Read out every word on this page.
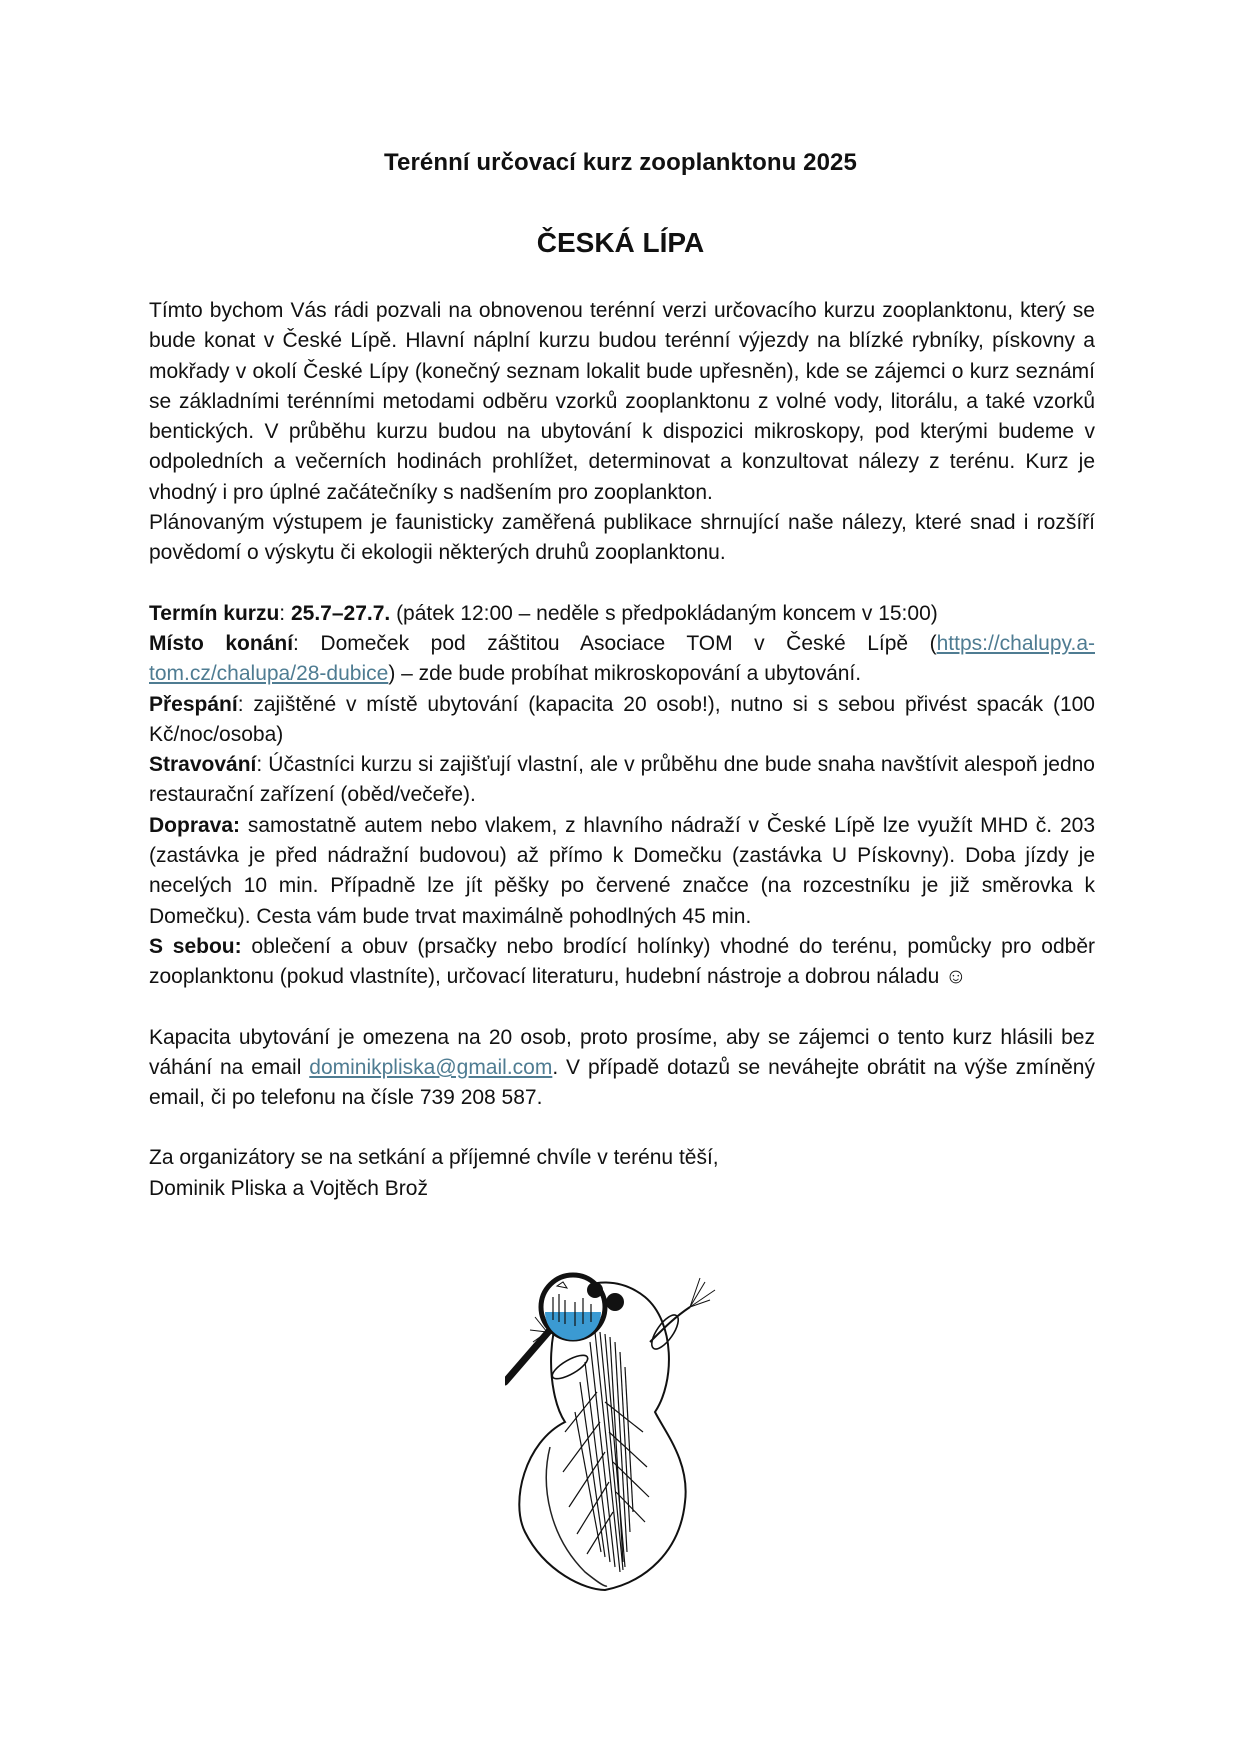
Terénní určovací kurz zooplanktonu 2025
ČESKÁ LÍPA

Tímto bychom Vás rádi pozvali na obnovenou terénní verzi určovacího kurzu zooplanktonu, který se bude konat v České Lípě. Hlavní náplní kurzu budou terénní výjezdy na blízké rybníky, pískovny a mokřady v okolí České Lípy (konečný seznam lokalit bude upřesněn), kde se zájemci o kurz seznámí se základními terénními metodami odběru vzorků zooplanktonu z volné vody, litorálu, a také vzorků bentických. V průběhu kurzu budou na ubytování k dispozici mikroskopy, pod kterými budeme v odpoledních a večerních hodinách prohlížet, determinovat a konzultovat nálezy z terénu. Kurz je vhodný i pro úplné začátečníky s nadšením pro zooplankton.

Plánovaným výstupem je faunisticky zaměřená publikace shrnující naše nálezy, které snad i rozšíří povědomí o výskytu či ekologii některých druhů zooplanktonu.

Termín kurzu: 25.7–27.7. (pátek 12:00 – neděle s předpokládaným koncem v 15:00)

Místo konání: Domeček pod záštitou Asociace TOM v České Lípě (https://chalupy.a-tom.cz/chalupa/28-dubice) – zde bude probíhat mikroskopování a ubytování.

Přespání: zajištěné v místě ubytování (kapacita 20 osob!), nutno si s sebou přivést spacák (100 Kč/noc/osoba)

Stravování: Účastníci kurzu si zajišťují vlastní, ale v průběhu dne bude snaha navštívit alespoň jedno restaurační zařízení (oběd/večeře).

Doprava: samostatně autem nebo vlakem, z hlavního nádraží v České Lípě lze využít MHD č. 203 (zastávka je před nádražní budovou) až přímo k Domečku (zastávka U Pískovny). Doba jízdy je necelých 10 min. Případně lze jít pěšky po červené značce (na rozcestníku je již směrovka k Domečku). Cesta vám bude trvat maximálně pohodlných 45 min.

S sebou: oblečení a obuv (prsačky nebo brodící holínky) vhodné do terénu, pomůcky pro odběr zooplanktonu (pokud vlastníte), určovací literaturu, hudební nástroje a dobrou náladu ☺

Kapacita ubytování je omezena na 20 osob, proto prosíme, aby se zájemci o tento kurz hlásili bez váhání na email dominikpliska@gmail.com. V případě dotazů se neváhejte obrátit na výše zmíněný email, či po telefonu na čísle 739 208 587.

Za organizátory se na setkání a příjemné chvíle v terénu těší,

Dominik Pliska a Vojtěch Brož
